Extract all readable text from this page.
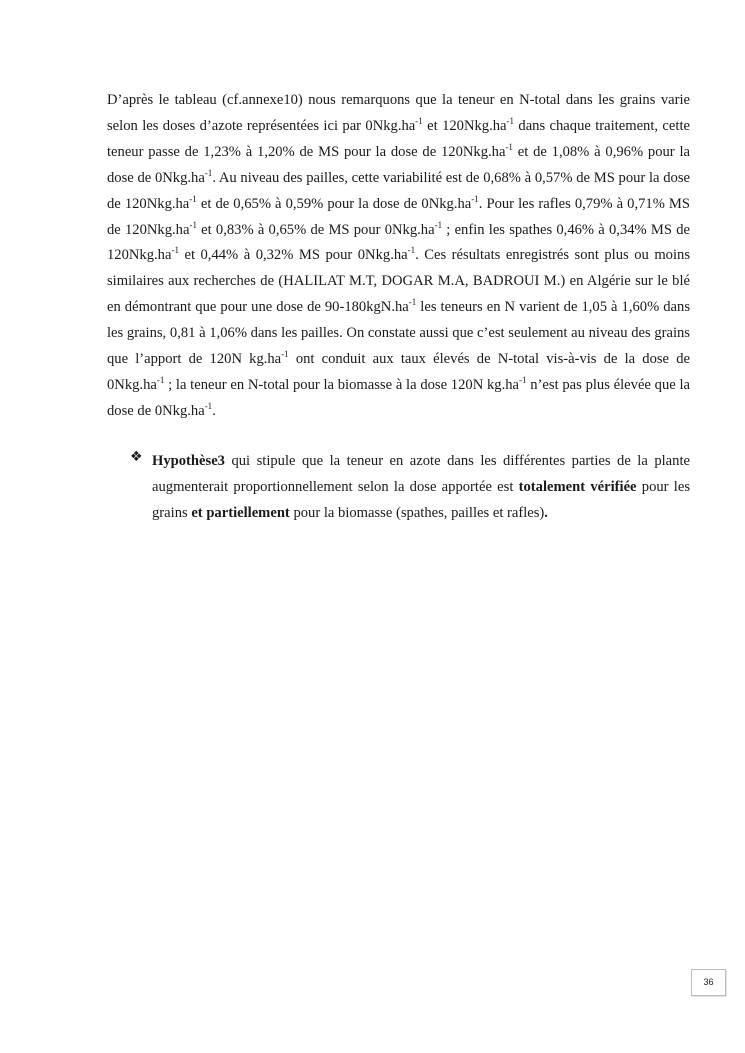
D’après le tableau (cf.annexe10) nous remarquons que la teneur en N-total dans les grains varie selon les doses d’azote représentées ici par $0Nkg.ha^{-1}$ et $120Nkg.ha^{-1}$ dans chaque traitement, cette teneur passe de 1,23% à 1,20% de MS pour la dose de $120Nkg.ha^{-1}$ et de 1,08% à 0,96% pour la dose de $0Nkg.ha^{-1}$. Au niveau des pailles, cette variabilité est de 0,68% à 0,57% de MS pour la dose de $120Nkg.ha^{-1}$ et de 0,65% à 0,59% pour la dose de $0Nkg.ha^{-1}$. Pour les rafles 0,79% à 0,71% MS de $120Nkg.ha^{-1}$ et 0,83% à 0,65% de MS pour $0Nkg.ha^{-1}$ ; enfin les spathes 0,46% à 0,34% MS de $120Nkg.ha^{-1}$ et 0,44% à 0,32% MS pour $0Nkg.ha^{-1}$. Ces résultats enregistrés sont plus ou moins similaires aux recherches de (HALILAT M.T, DOGAR M.A, BADROUI M.) en Algérie sur le blé en démontrant que pour une dose de $90-180kgN.ha^{-1}$ les teneurs en N varient de 1,05 à 1,60% dans les grains, 0,81 à 1,06% dans les pailles. On constate aussi que c’est seulement au niveau des grains que l’apport de 120N $kg.ha^{-1}$ ont conduit aux taux élevés de N-total vis-à-vis de la dose de $0Nkg.ha^{-1}$ ; la teneur en N-total pour la biomasse à la dose 120N $kg.ha^{-1}$ n’est pas plus élevée que la dose de $0Nkg.ha^{-1}$.

❖ Hypothèse3 qui stipule que la teneur en azote dans les différentes parties de la plante augmenterait proportionnellement selon la dose apportée est totalement vérifiée pour les grains et partiellement pour la biomasse (spathes, pailles et rafles).

36
